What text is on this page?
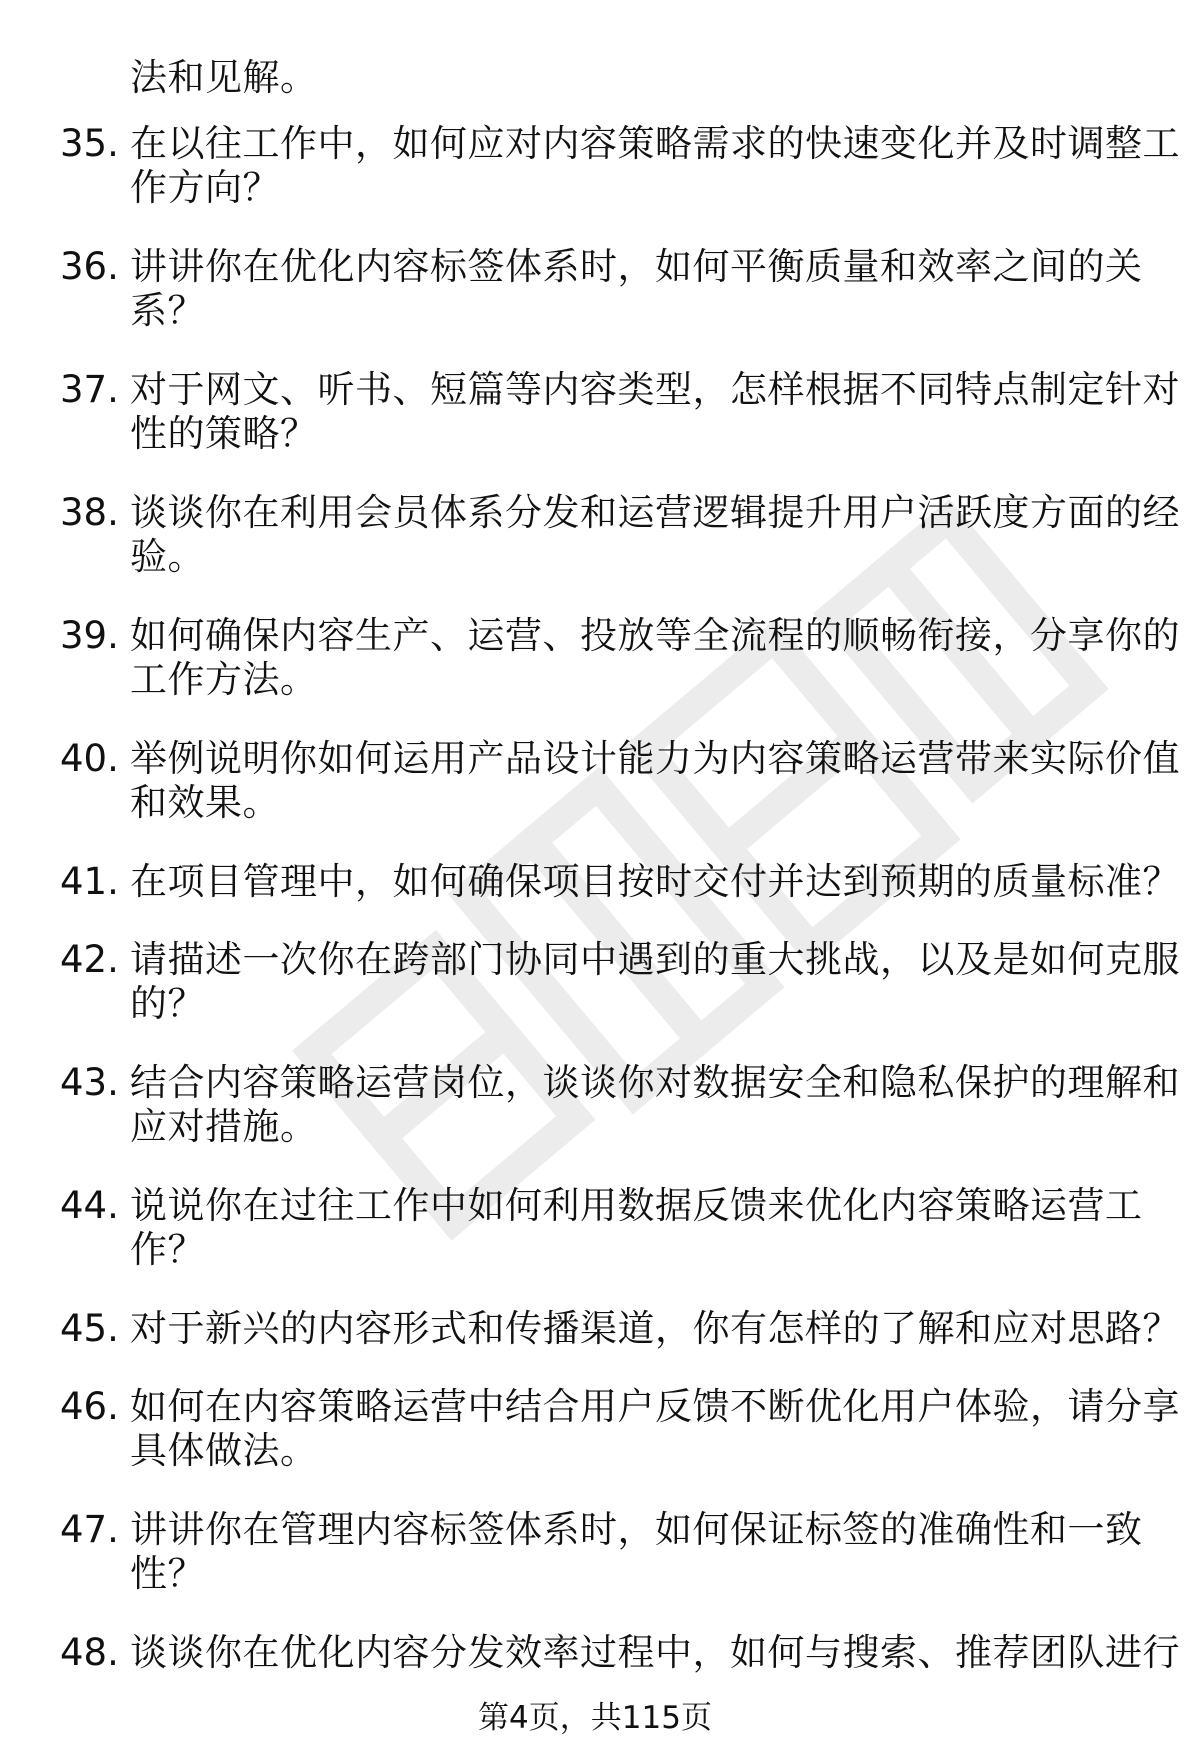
法和见解。
35. 在以往工作中，如何应对内容策略需求的快速变化并及时调整工
作方向？
36. 讲讲你在优化内容标签体系时，如何平衡质量和效率之间的关
系？
37. 对于网文、听书、短篇等内容类型，怎样根据不同特点制定针对
性的策略？
38. 谈谈你在利用会员体系分发和运营逻辑提升用户活跃度方面的经
验。
39. 如何确保内容生产、运营、投放等全流程的顺畅衔接，分享你的
工作方法。
40. 举例说明你如何运用产品设计能力为内容策略运营带来实际价值
和效果。
41. 在项目管理中，如何确保项目按时交付并达到预期的质量标准？
42. 请描述一次你在跨部门协同中遇到的重大挑战，以及是如何克服
的？
43. 结合内容策略运营岗位，谈谈你对数据安全和隐私保护的理解和
应对措施。
44. 说说你在过往工作中如何利用数据反馈来优化内容策略运营工
作？
45. 对于新兴的内容形式和传播渠道，你有怎样的了解和应对思路？
46. 如何在内容策略运营中结合用户反馈不断优化用户体验，请分享
具体做法。
47. 讲讲你在管理内容标签体系时，如何保证标签的准确性和一致
性？
48. 谈谈你在优化内容分发效率过程中，如何与搜索、推荐团队进行
第4页，共115页
